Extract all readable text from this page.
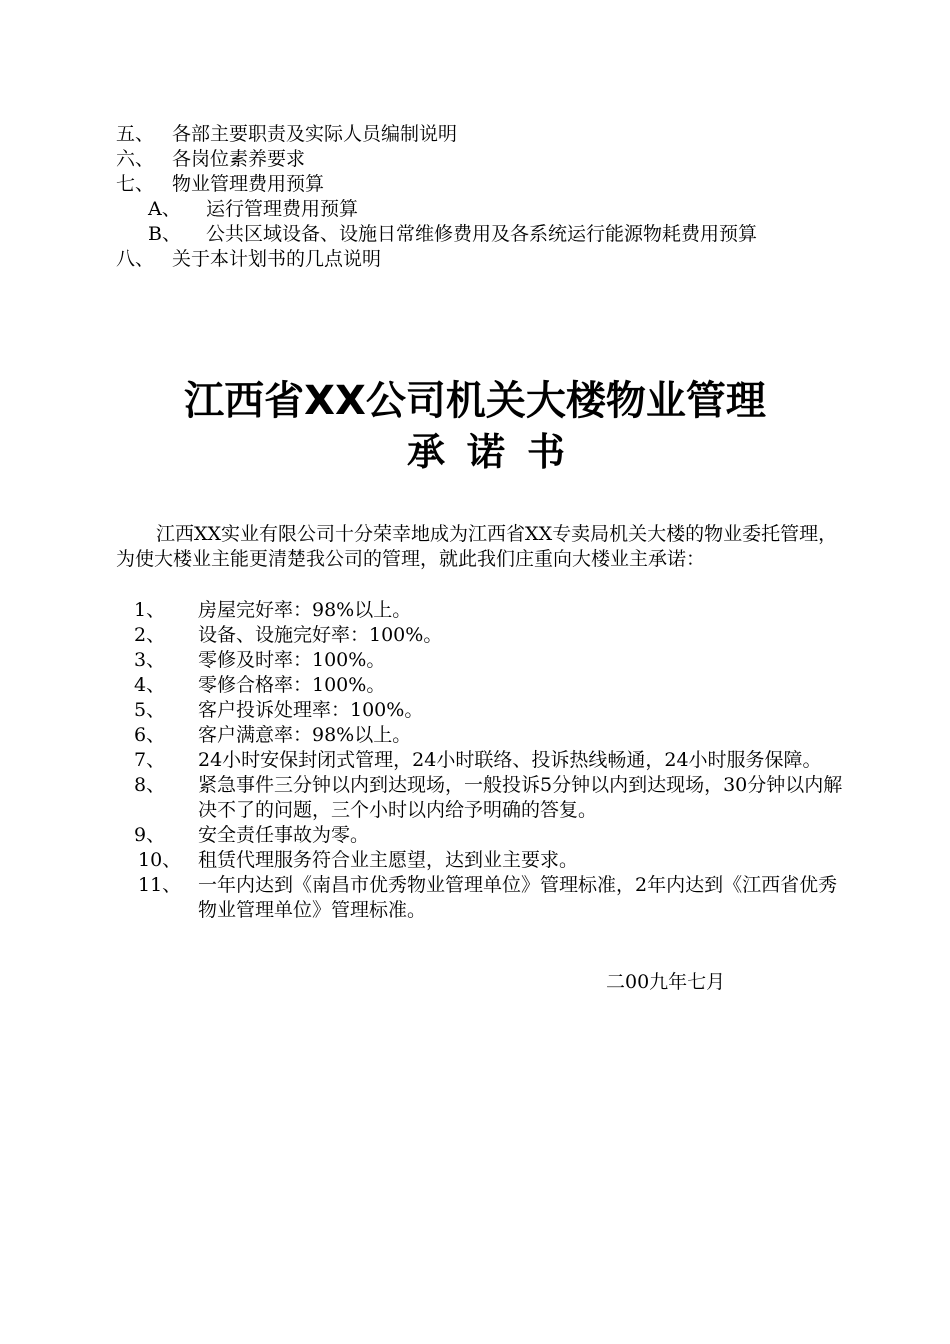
五、 各部主要职责及实际人员编制说明
六、 各岗位素养要求
七、 物业管理费用预算
A、	运行管理费用预算
B、	公共区域设备、设施日常维修费用及各系统运行能源物耗费用预算
八、 关于本计划书的几点说明
江西省XX公司机关大楼物业管理
承诺书
江西XX实业有限公司十分荣幸地成为江西省XX专卖局机关大楼的物业委托管理，为使大楼业主能更清楚我公司的管理，就此我们庄重向大楼业主承诺：
1、	房屋完好率：98%以上。
2、	设备、设施完好率：100%。
3、	零修及时率：100%。
4、	零修合格率：100%。
5、	客户投诉处理率：100%。
6、	客户满意率：98%以上。
7、	24小时安保封闭式管理，24小时联络、投诉热线畅通，24小时服务保障。
8、	紧急事件三分钟以内到达现场，一般投诉5分钟以内到达现场，30分钟以内解决不了的问题，三个小时以内给予明确的答复。
9、	安全责任事故为零。
10、 租赁代理服务符合业主愿望，达到业主要求。
11、 一年内达到《南昌市优秀物业管理单位》管理标准，2年内达到《江西省优秀物业管理单位》管理标准。
二00九年七月
